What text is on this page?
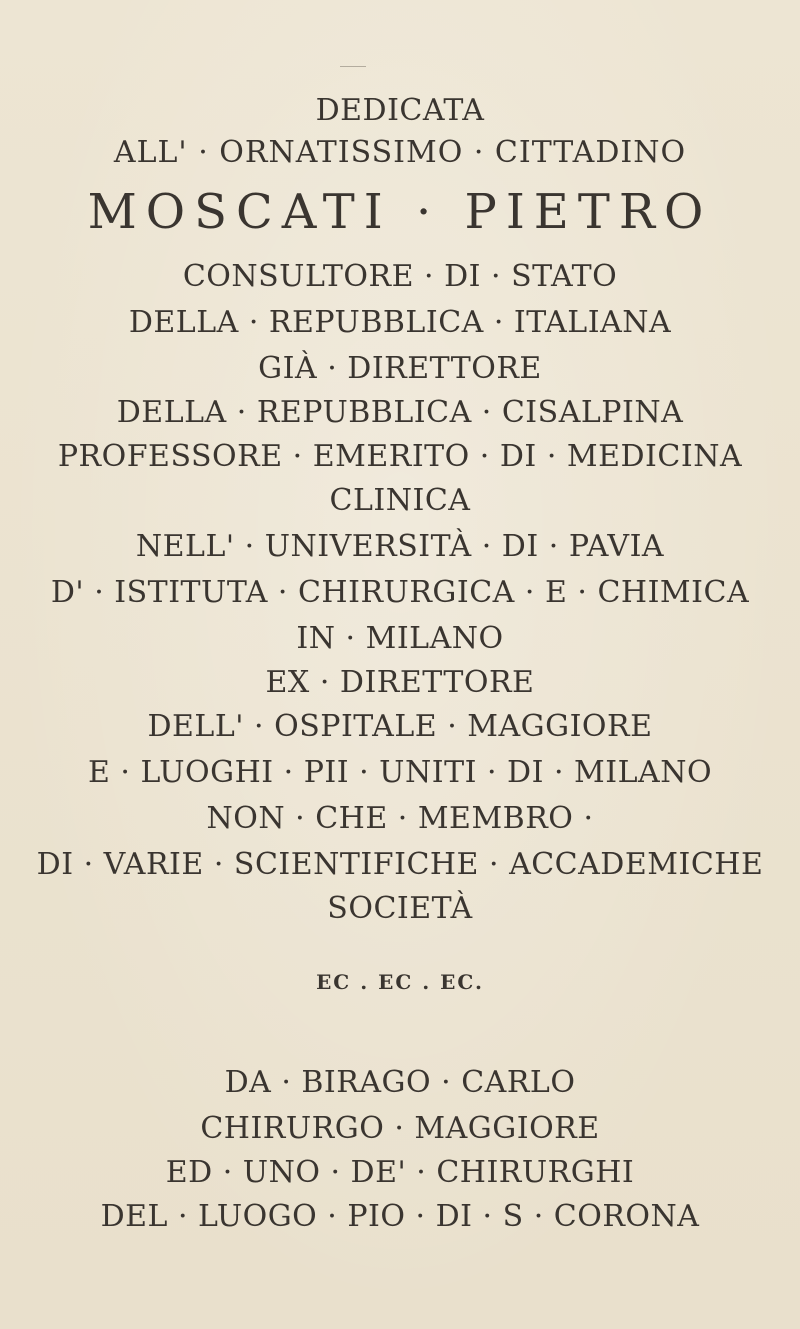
DEDICATA
ALL' · ORNATISSIMO · CITTADINO
MOSCATI · PIETRO
CONSULTORE · DI · STATO
DELLA · REPUBBLICA · ITALIANA
GIÀ · DIRETTORE
DELLA · REPUBBLICA · CISALPINA
PROFESSORE · EMERITO · DI · MEDICINA
CLINICA
NELL' · UNIVERSITÀ · DI · PAVIA
D' · ISTITUTA · CHIRURGICA · E · CHIMICA
IN · MILANO
EX · DIRETTORE
DELL' · OSPITALE · MAGGIORE
E · LUOGHI · PII · UNITI · DI · MILANO
NON · CHE · MEMBRO ·
DI · VARIE · SCIENTIFICHE · ACCADEMICHE
SOCIETÀ
EC . EC . EC.
DA · BIRAGO · CARLO
CHIRURGO · MAGGIORE
ED · UNO · DE' · CHIRURGHI
DEL · LUOGO · PIO · DI · S · CORONA
